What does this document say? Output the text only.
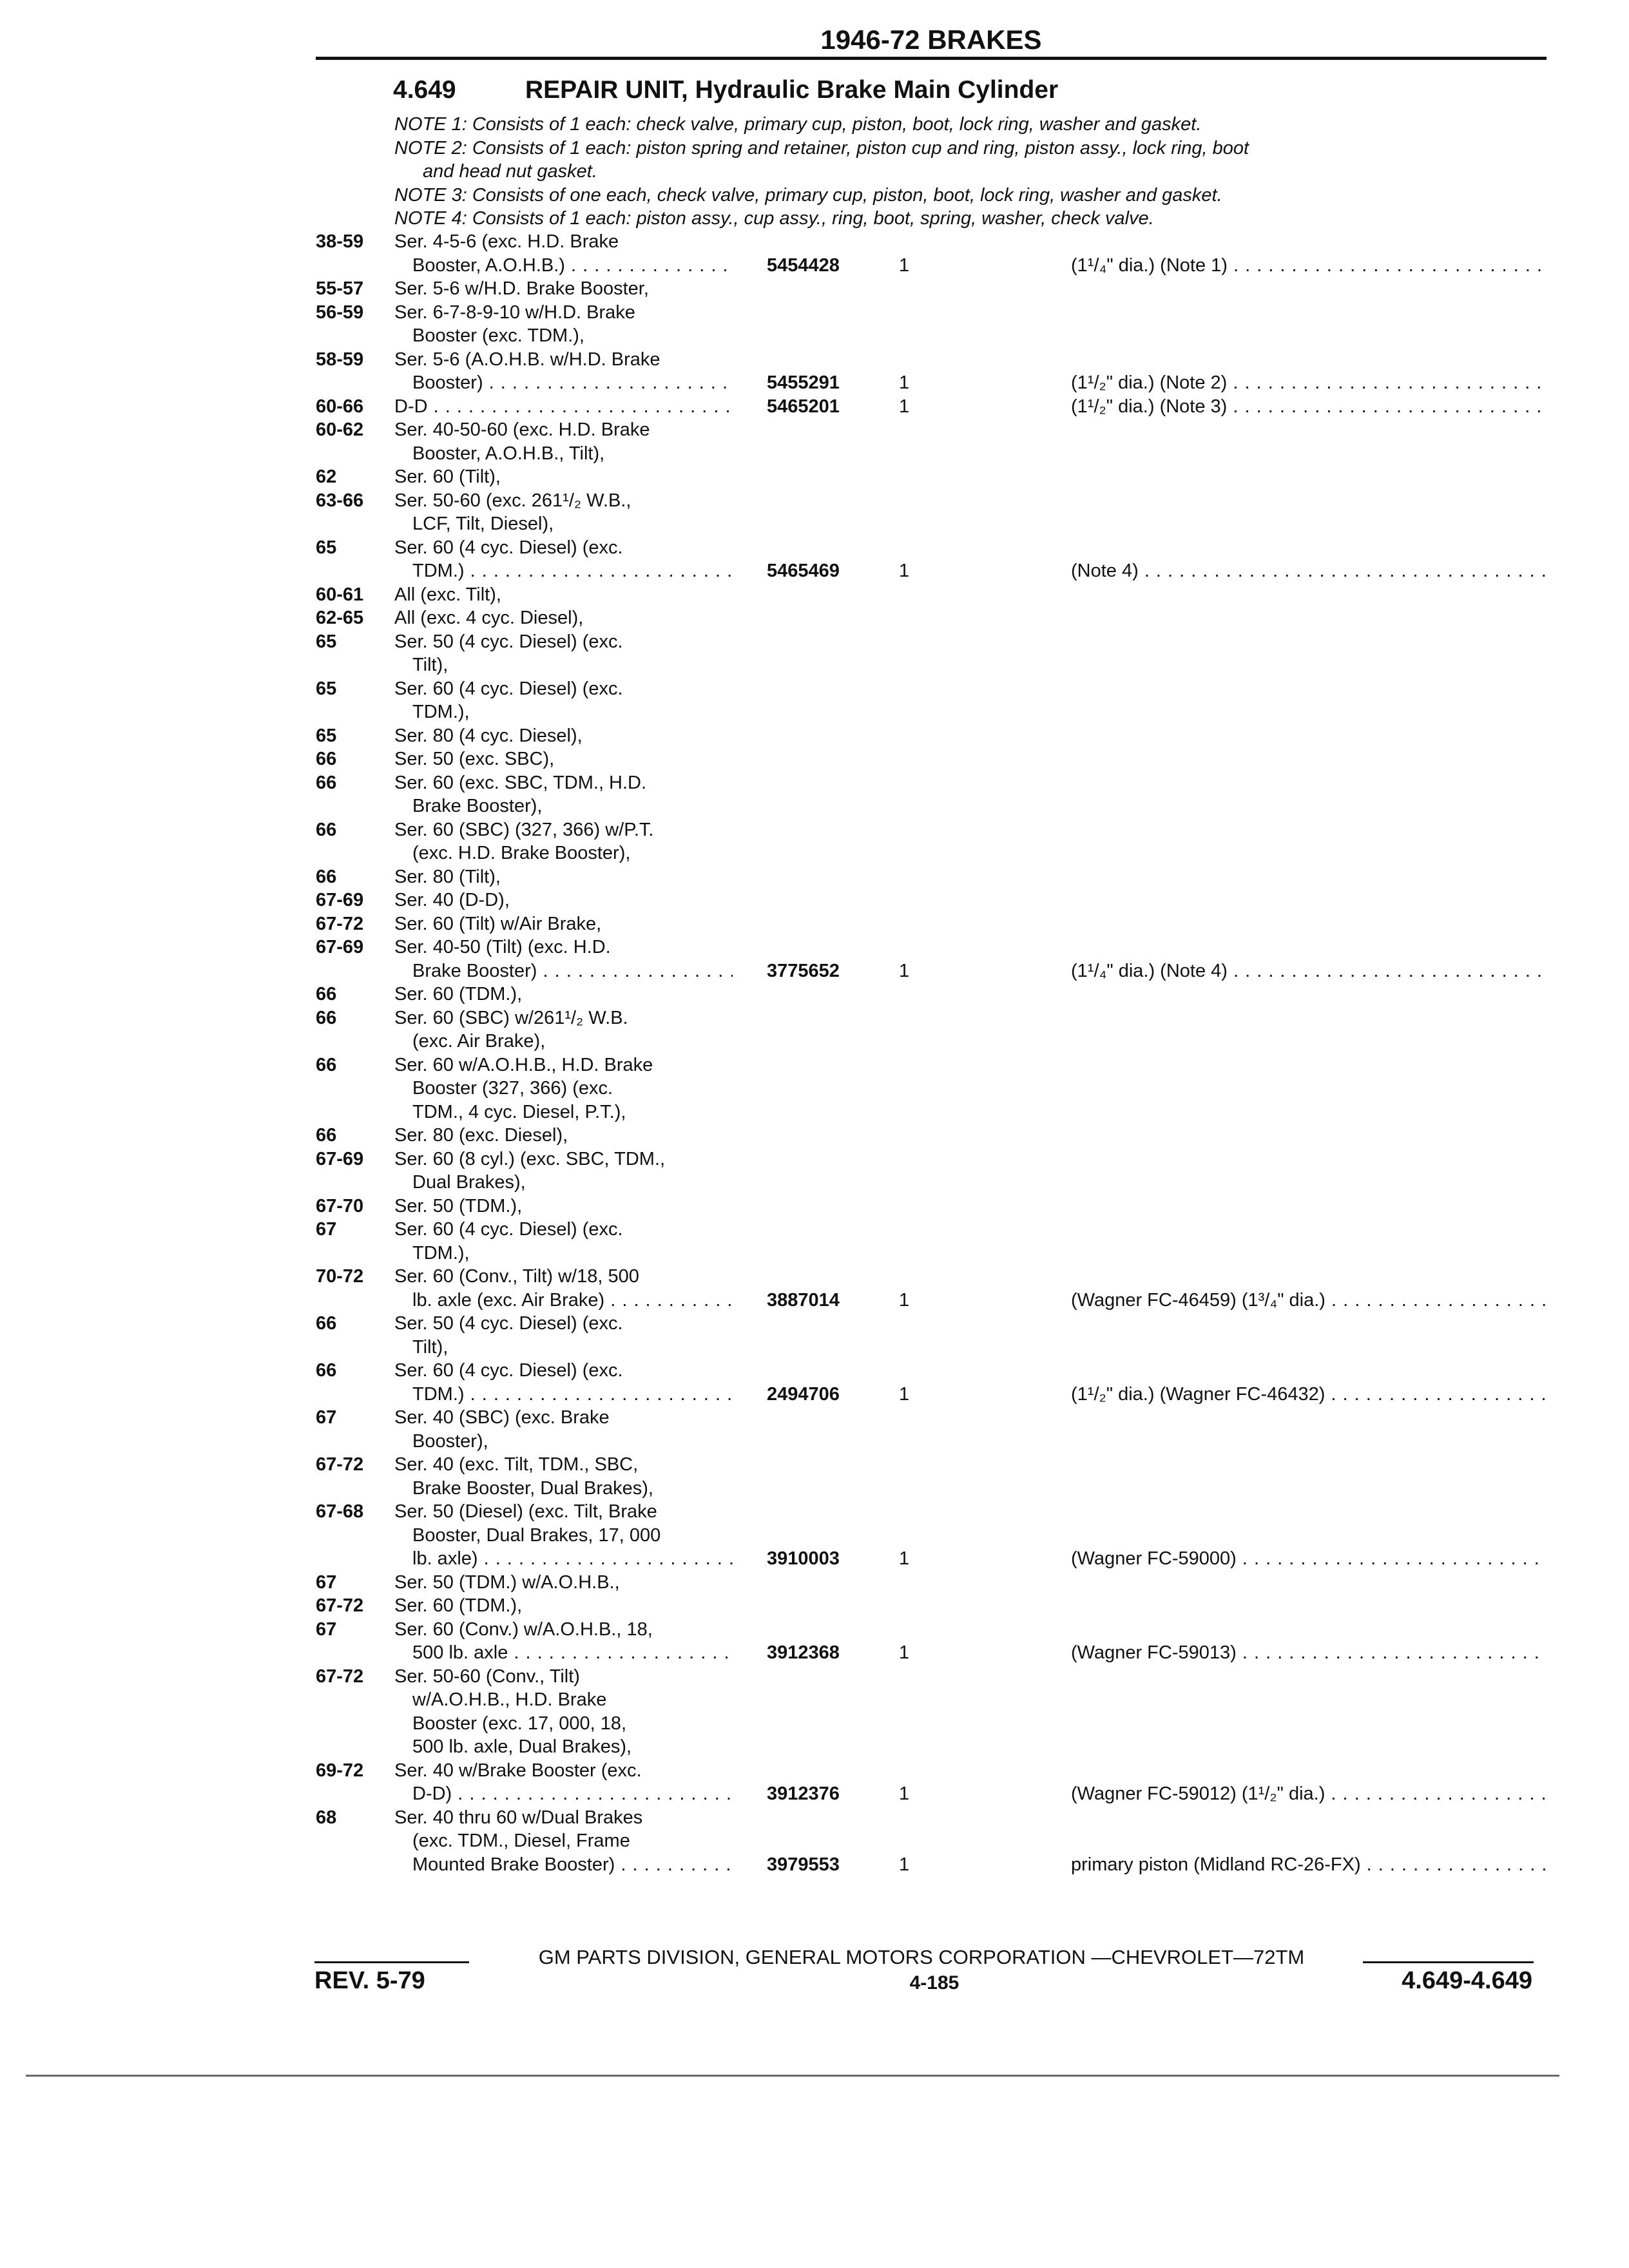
1946-72 BRAKES
4.649	REPAIR UNIT, Hydraulic Brake Main Cylinder
NOTE 1: Consists of 1 each: check valve, primary cup, piston, boot, lock ring, washer and gasket.
NOTE 2: Consists of 1 each: piston spring and retainer, piston cup and ring, piston assy., lock ring, boot
and head nut gasket.
NOTE 3: Consists of one each, check valve, primary cup, piston, boot, lock ring, washer and gasket.
NOTE 4: Consists of 1 each: piston assy., cup assy., ring, boot, spring, washer, check valve.
38-59	Ser. 4-5-6 (exc. H.D. Brake
Booster, A.O.H.B.) . . .	5454428	1	(1¹/₄" dia.) (Note 1) . . .
55-57	Ser. 5-6 w/H.D. Brake Booster,
56-59	Ser. 6-7-8-9-10 w/H.D. Brake
Booster (exc. TDM.),
58-59	Ser. 5-6 (A.O.H.B. w/H.D. Brake
Booster) . . .	5455291	1	(1¹/₂" dia.) (Note 2) . . .
60-66	D-D . . .	5465201	1	(1¹/₂" dia.) (Note 3) . . .
60-62	Ser. 40-50-60 (exc. H.D. Brake
Booster, A.O.H.B., Tilt),
62	Ser. 60 (Tilt),
63-66	Ser. 50-60 (exc. 261¹/₂ W.B.,
LCF, Tilt, Diesel),
65	Ser. 60 (4 cyc. Diesel) (exc.
TDM.) . . .	5465469	1	(Note 4) . . .
60-61	All (exc. Tilt),
62-65	All (exc. 4 cyc. Diesel),
65	Ser. 50 (4 cyc. Diesel) (exc.
Tilt),
65	Ser. 60 (4 cyc. Diesel) (exc.
TDM.),
65	Ser. 80 (4 cyc. Diesel),
66	Ser. 50 (exc. SBC),
66	Ser. 60 (exc. SBC, TDM., H.D.
Brake Booster),
66	Ser. 60 (SBC) (327, 366) w/P.T.
(exc. H.D. Brake Booster),
66	Ser. 80 (Tilt),
67-69	Ser. 40 (D-D),
67-72	Ser. 60 (Tilt) w/Air Brake,
67-69	Ser. 40-50 (Tilt) (exc. H.D.
Brake Booster) . . .	3775652	1	(1¹/₄" dia.) (Note 4) . . .
66	Ser. 60 (TDM.),
66	Ser. 60 (SBC) w/261¹/₂ W.B.
(exc. Air Brake),
66	Ser. 60 w/A.O.H.B., H.D. Brake
Booster (327, 366) (exc.
TDM., 4 cyc. Diesel, P.T.),
66	Ser. 80 (exc. Diesel),
67-69	Ser. 60 (8 cyl.) (exc. SBC, TDM.,
Dual Brakes),
67-70	Ser. 50 (TDM.),
67	Ser. 60 (4 cyc. Diesel) (exc.
TDM.),
70-72	Ser. 60 (Conv., Tilt) w/18, 500
lb. axle (exc. Air Brake) . . .	3887014	1	(Wagner FC-46459) (1³/₄" dia.) . . .
66	Ser. 50 (4 cyc. Diesel) (exc.
Tilt),
66	Ser. 60 (4 cyc. Diesel) (exc.
TDM.) . . .	2494706	1	(1¹/₂" dia.) (Wagner FC-46432) . . .
67	Ser. 40 (SBC) (exc. Brake
Booster),
67-72	Ser. 40 (exc. Tilt, TDM., SBC,
Brake Booster, Dual Brakes),
67-68	Ser. 50 (Diesel) (exc. Tilt, Brake
Booster, Dual Brakes, 17, 000
lb. axle) . . .	3910003	1	(Wagner FC-59000) . . .
67	Ser. 50 (TDM.) w/A.O.H.B.,
67-72	Ser. 60 (TDM.),
67	Ser. 60 (Conv.) w/A.O.H.B., 18,
500 lb. axle . . .	3912368	1	(Wagner FC-59013) . . .
67-72	Ser. 50-60 (Conv., Tilt)
w/A.O.H.B., H.D. Brake
Booster (exc. 17, 000, 18,
500 lb. axle, Dual Brakes),
69-72	Ser. 40 w/Brake Booster (exc.
D-D) . . .	3912376	1	(Wagner FC-59012) (1¹/₂" dia.) . . .
68	Ser. 40 thru 60 w/Dual Brakes
(exc. TDM., Diesel, Frame
Mounted Brake Booster) . . .	3979553	1	primary piston (Midland RC-26-FX) . . .
GM PARTS DIVISION, GENERAL MOTORS CORPORATION —CHEVROLET—72TM
REV. 5-79	4-185	4.649-4.649
